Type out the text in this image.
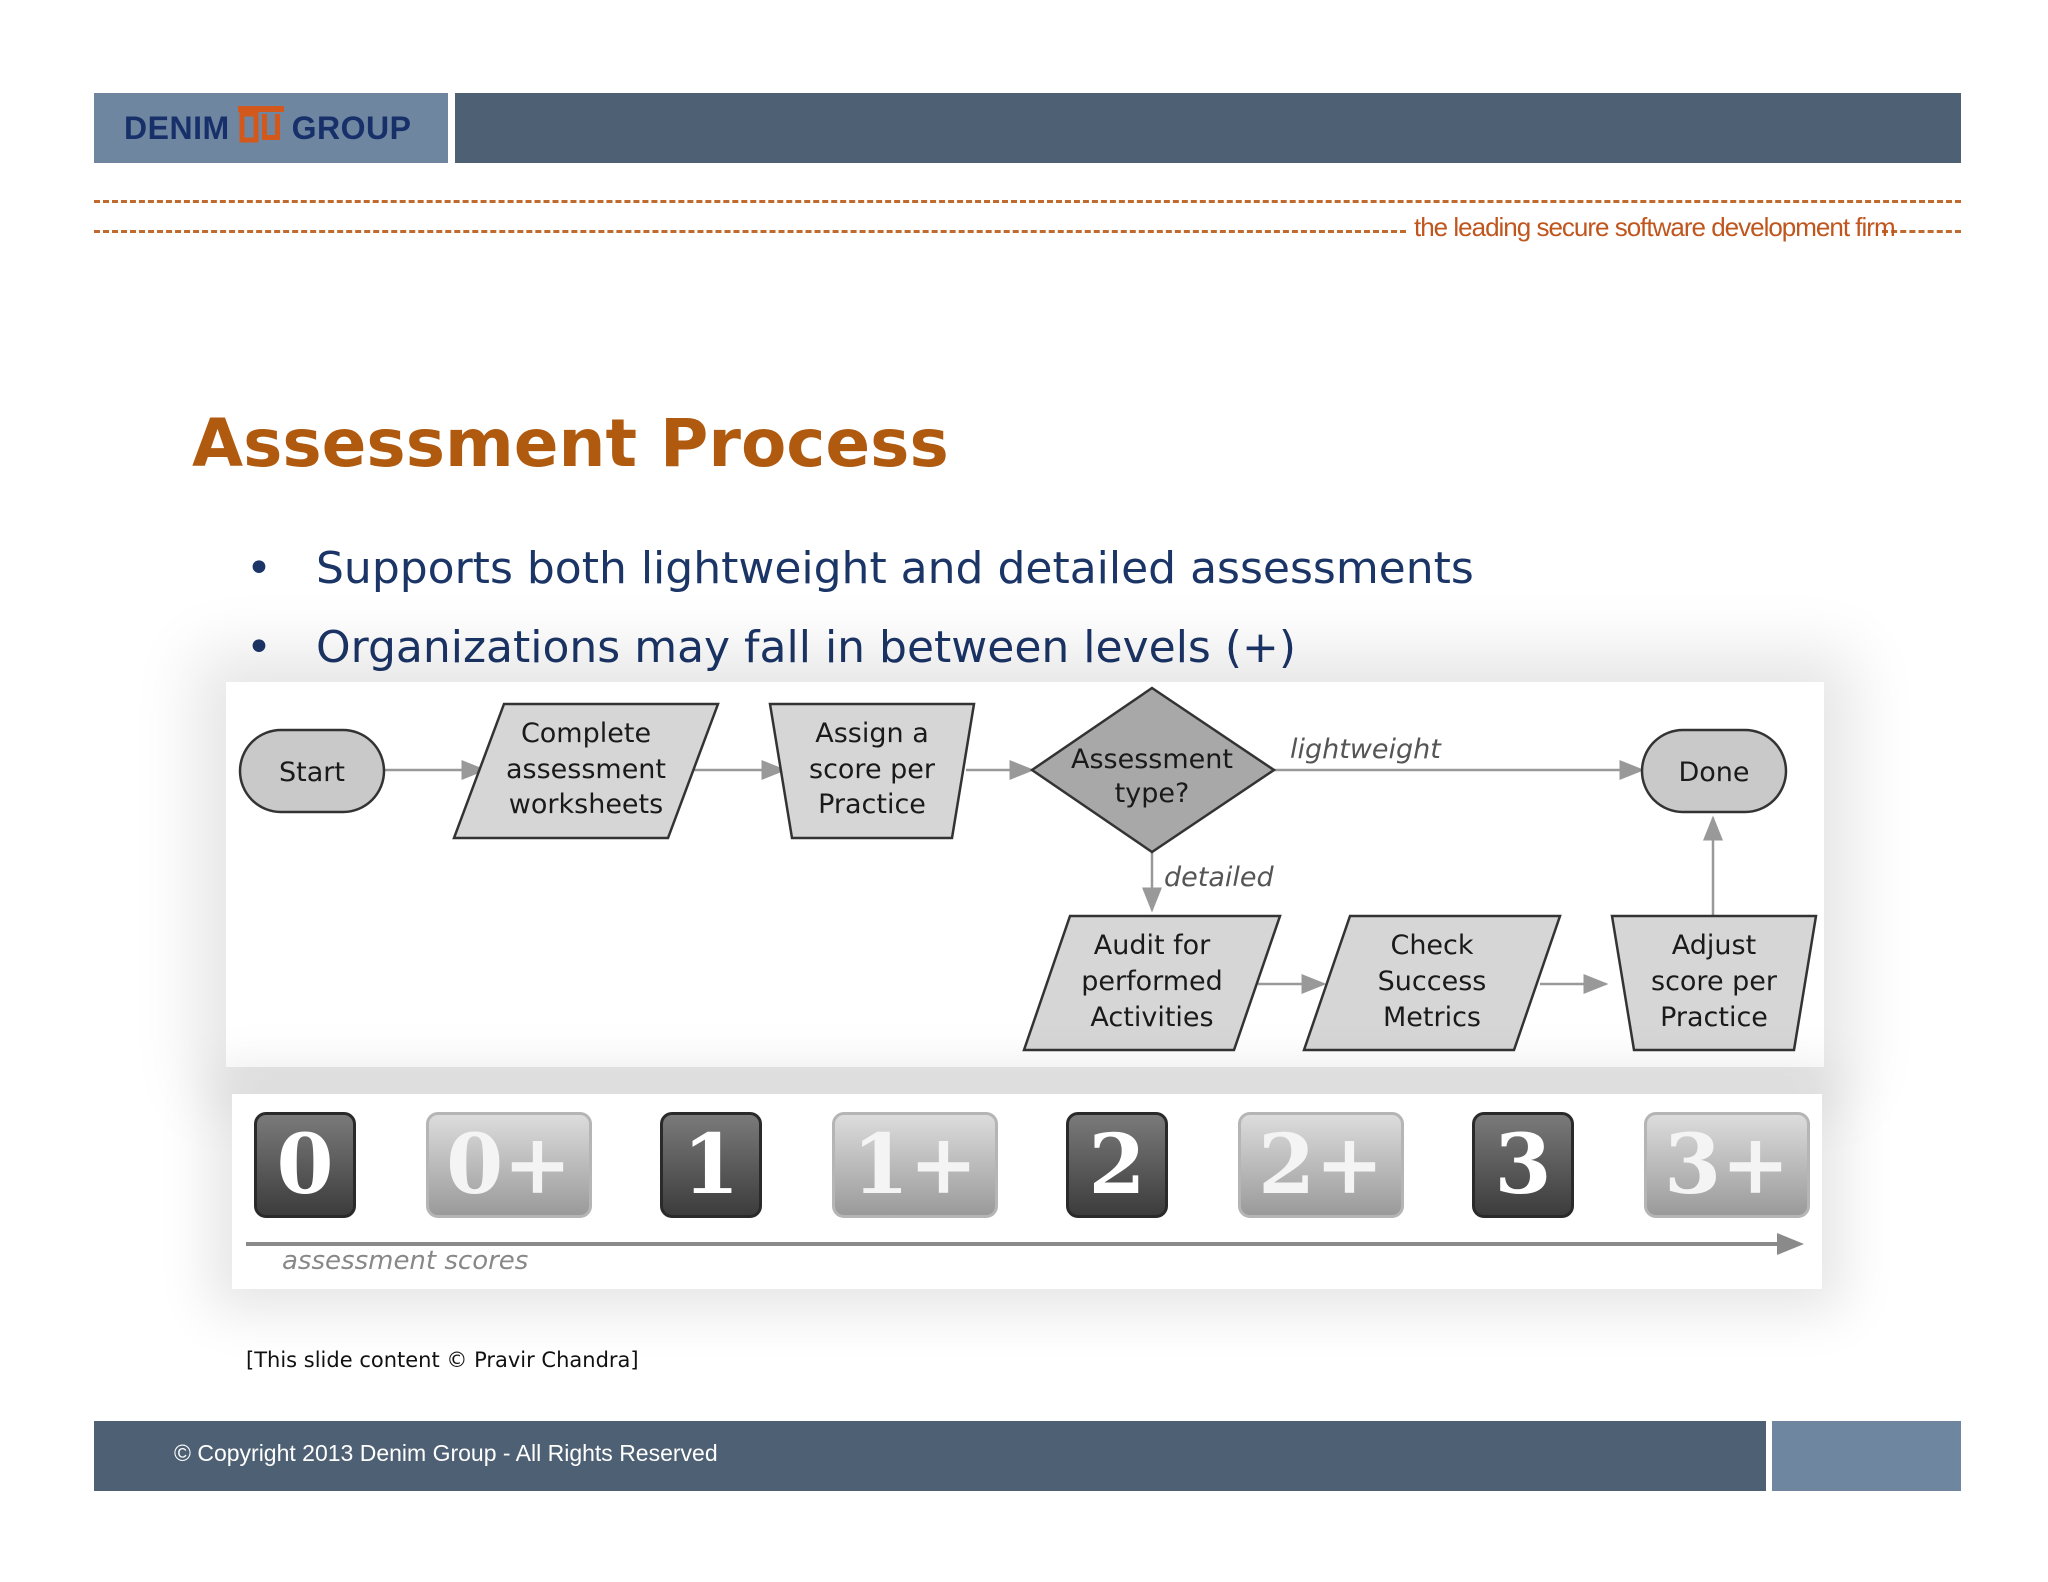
DENIM GROUP
the leading secure software development firm
Assessment Process
• Supports both lightweight and detailed assessments
• Organizations may fall in between levels (+)
lightweight
detailed
Start
Complete
assessment
worksheets
Assign a
score per
Practice
Assessment
type?
Done
Audit for
performed
Activities
Check
Success
Metrics
Adjust
score per
Practice
0 0+ 1 1+ 2 2+ 3 3+
assessment scores
[This slide content © Pravir Chandra]
© Copyright 2013 Denim Group - All Rights Reserved
